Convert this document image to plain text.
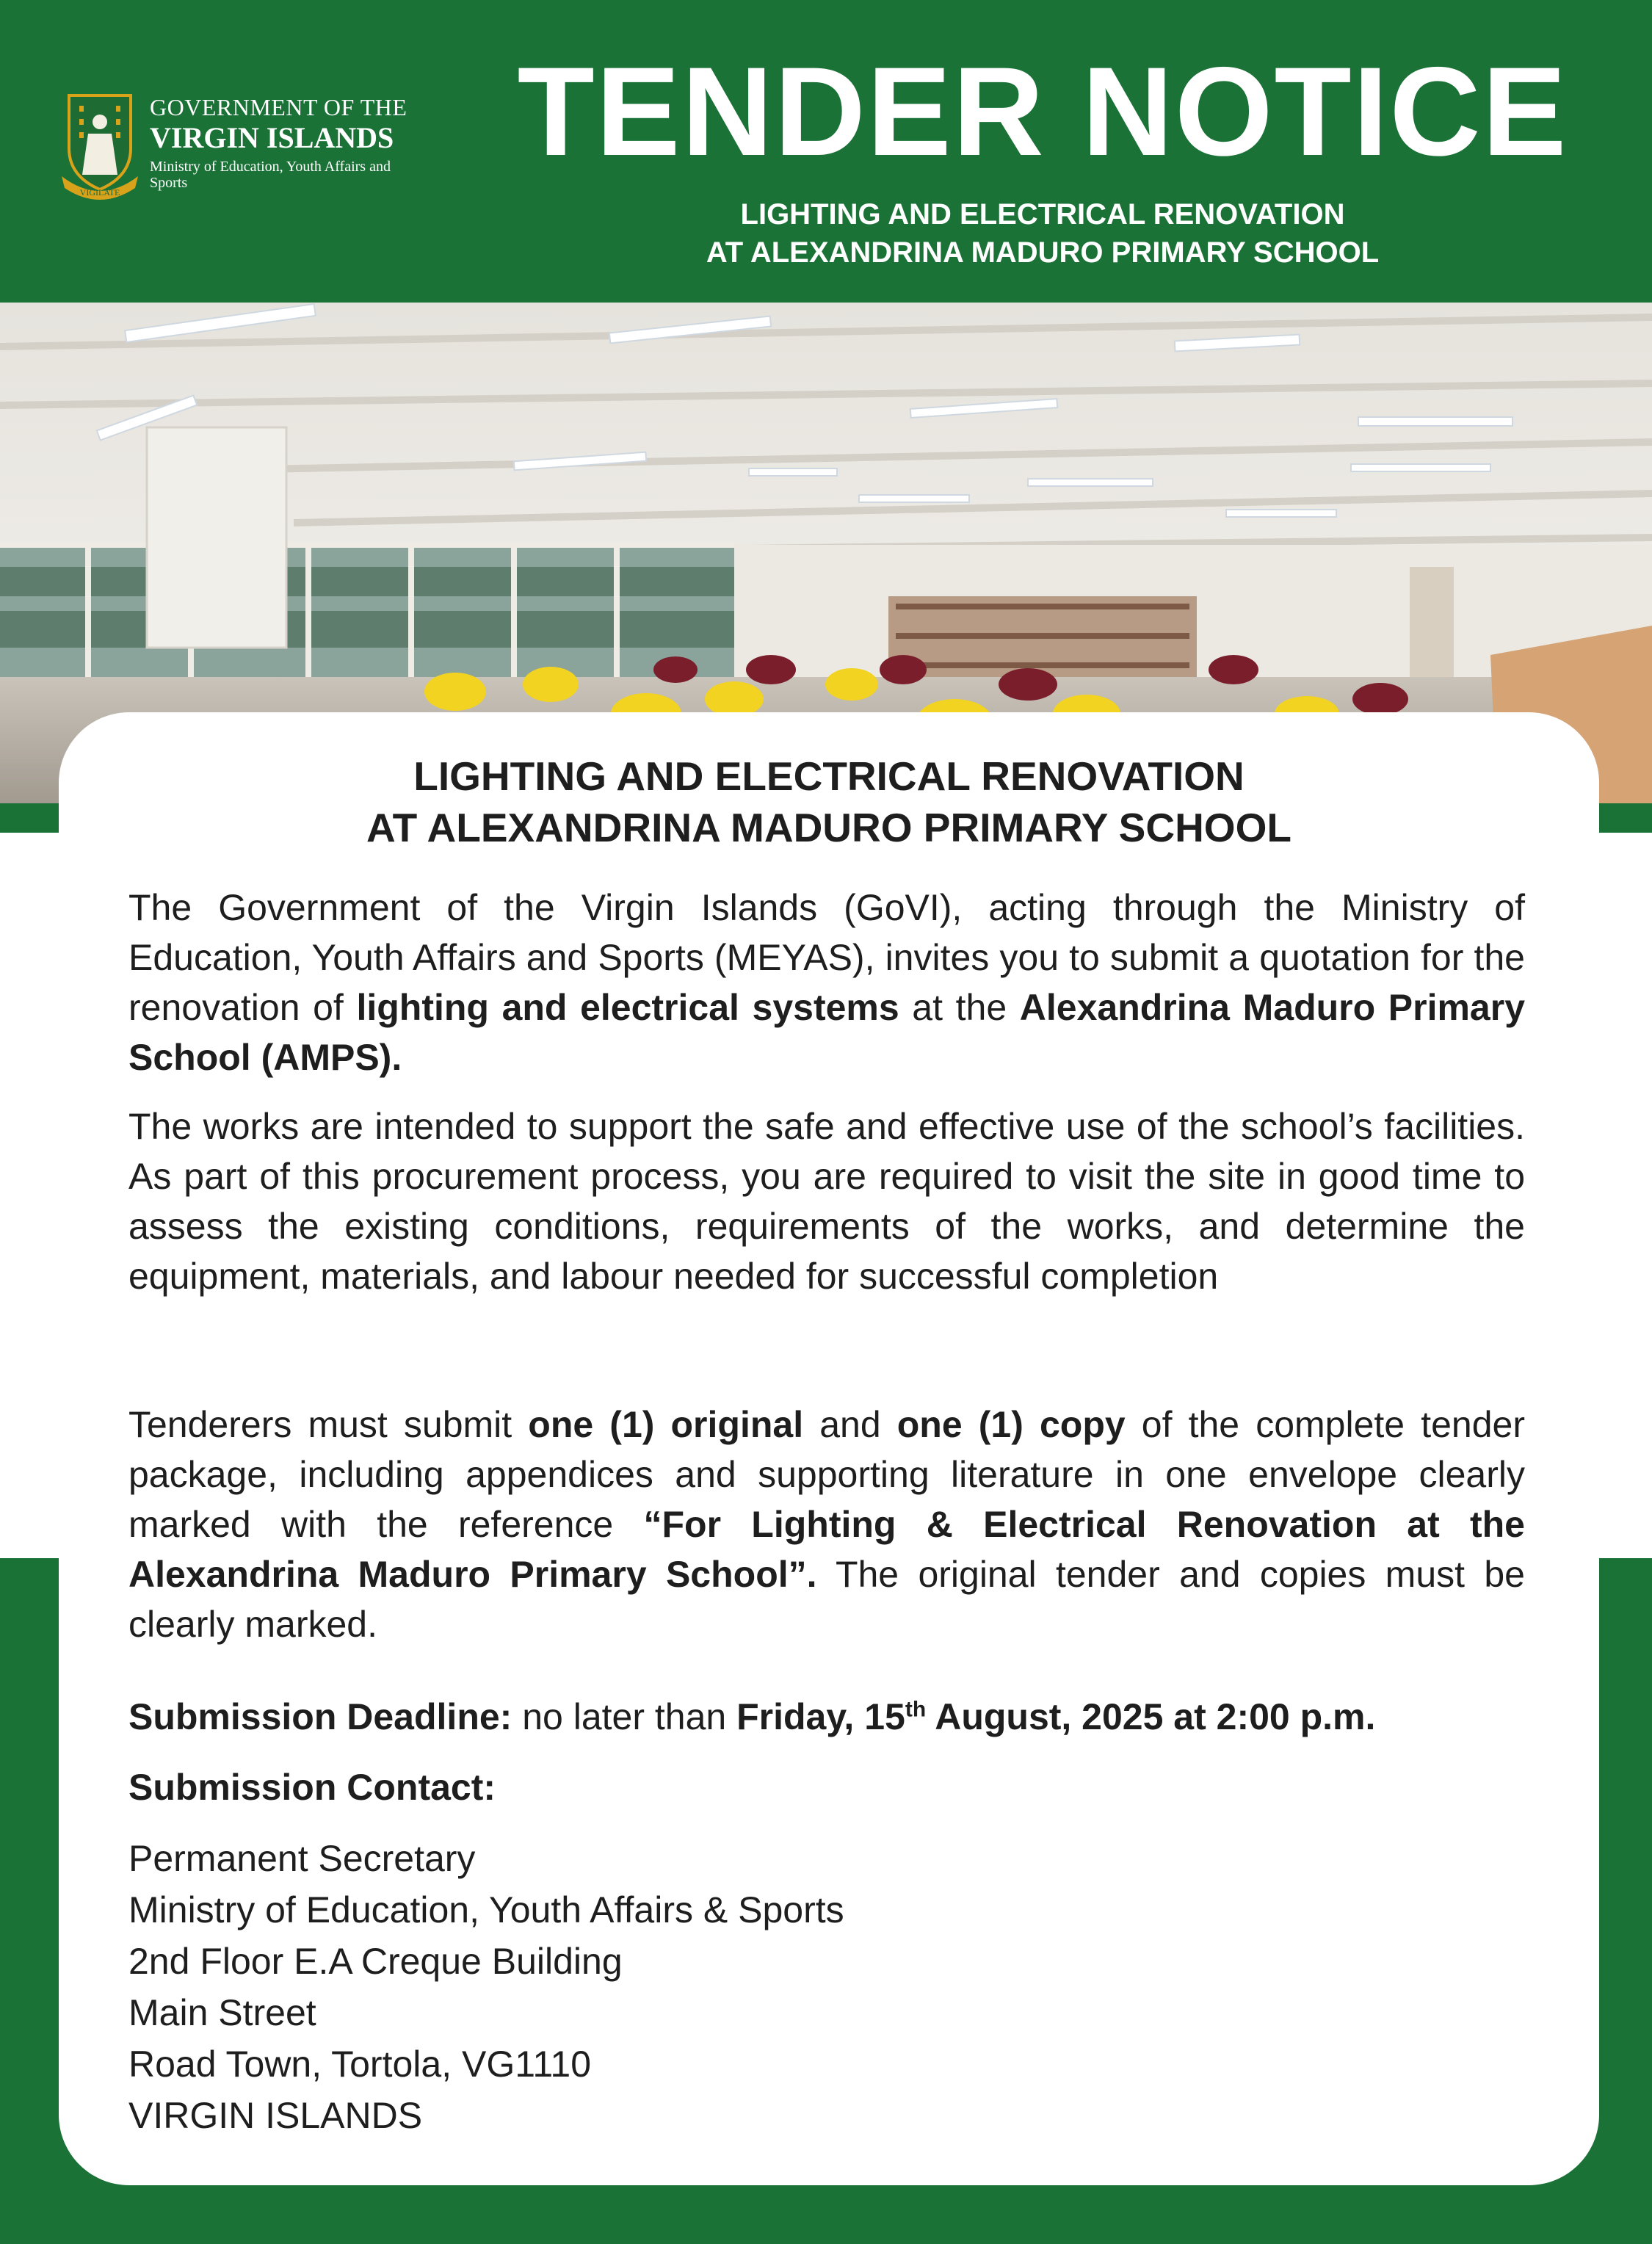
VIGILATE
GOVERNMENT OF THE
VIRGIN ISLANDS
Ministry of Education, Youth Affairs and Sports
TENDER NOTICE
LIGHTING AND ELECTRICAL RENOVATION
AT ALEXANDRINA MADURO PRIMARY SCHOOL
LIGHTING AND ELECTRICAL RENOVATION
AT ALEXANDRINA MADURO PRIMARY SCHOOL
The Government of the Virgin Islands (GoVI), acting through the Ministry of Education, Youth Affairs and Sports (MEYAS), invites you to submit a quotation for the renovation of lighting and electrical systems at the Alexandrina Maduro Primary School (AMPS).
The works are intended to support the safe and effective use of the school’s facilities. As part of this procurement process, you are required to visit the site in good time to assess the existing conditions, requirements of the works, and determine the equipment, materials, and labour needed for successful completion
Tenderers must submit one (1) original and one (1) copy of the complete tender package, including appendices and supporting literature in one envelope clearly marked with the reference “For Lighting & Electrical Renovation at the Alexandrina Maduro Primary School”. The original tender and copies must be clearly marked.
Submission Deadline: no later than Friday, 15th August, 2025 at 2:00 p.m.
Submission Contact:
Permanent Secretary
Ministry of Education, Youth Affairs & Sports
2nd Floor E.A Creque Building
Main Street
Road Town, Tortola, VG1110
VIRGIN ISLANDS
